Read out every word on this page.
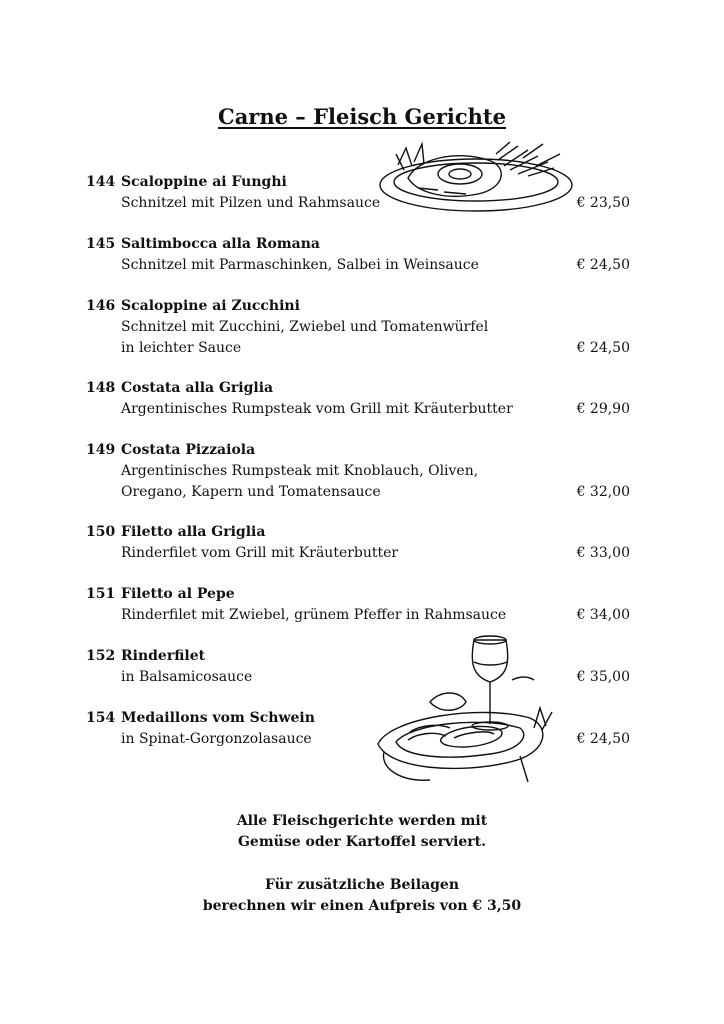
Carne – Fleisch Gerichte
144 Scaloppine ai Funghi
Schnitzel mit Pilzen und Rahmsauce	€ 23,50
145 Saltimbocca alla Romana
Schnitzel mit Parmaschinken, Salbei in Weinsauce	€ 24,50
146 Scaloppine ai Zucchini
Schnitzel mit Zucchini, Zwiebel und Tomatenwürfel
in leichter Sauce	€ 24,50
148 Costata alla Griglia
Argentinisches Rumpsteak vom Grill mit Kräuterbutter	€ 29,90
149 Costata Pizzaiola
Argentinisches Rumpsteak mit Knoblauch, Oliven,
Oregano, Kapern und Tomatensauce	€ 32,00
150 Filetto alla Griglia
Rinderfilet vom Grill mit Kräuterbutter	€ 33,00
151 Filetto al Pepe
Rinderfilet mit Zwiebel, grünem Pfeffer in Rahmsauce	€ 34,00
152 Rinderfilet
in Balsamicosauce	€ 35,00
154 Medaillons vom Schwein
in Spinat-Gorgonzolasauce	€ 24,50
Alle Fleischgerichte werden mit
Gemüse oder Kartoffel serviert.
Für zusätzliche Beilagen
berechnen wir einen Aufpreis von € 3,50
